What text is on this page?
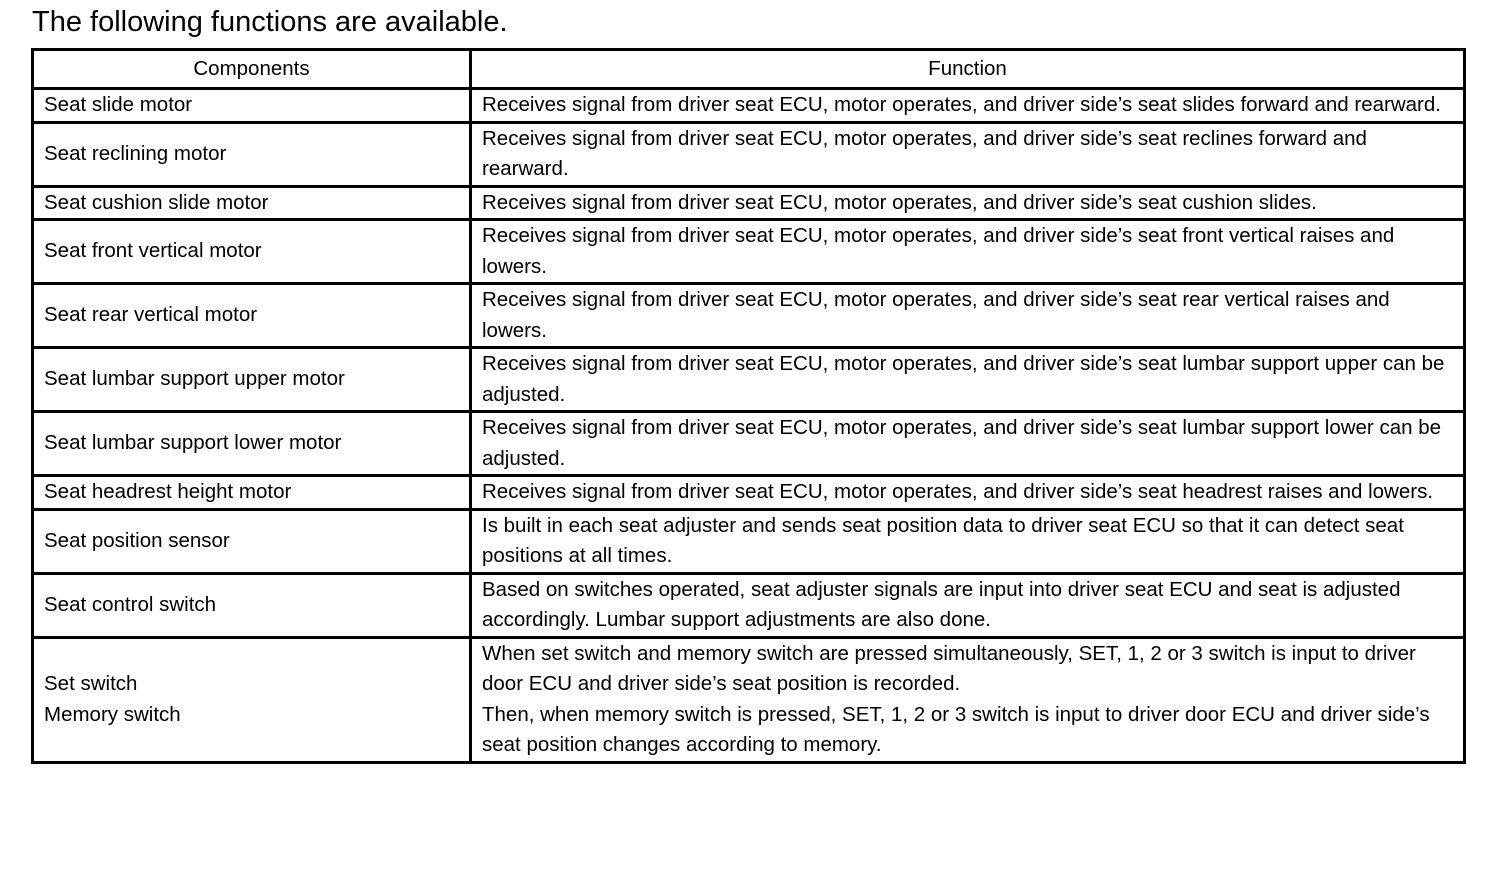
The following functions are available.
Components	Function

Seat slide motor	Receives signal from driver seat ECU, motor operates, and driver side’s seat slides forward and rearward.

Seat reclining motor	Receives signal from driver seat ECU, motor operates, and driver side’s seat reclines forward and rearward.

Seat cushion slide motor	Receives signal from driver seat ECU, motor operates, and driver side’s seat cushion slides.

Seat front vertical motor	Receives signal from driver seat ECU, motor operates, and driver side’s seat front vertical raises and lowers.

Seat rear vertical motor	Receives signal from driver seat ECU, motor operates, and driver side’s seat rear vertical raises and lowers.

Seat lumbar support upper motor	Receives signal from driver seat ECU, motor operates, and driver side’s seat lumbar support upper can be adjusted.

Seat lumbar support lower motor	Receives signal from driver seat ECU, motor operates, and driver side’s seat lumbar support lower can be adjusted.

Seat headrest height motor	Receives signal from driver seat ECU, motor operates, and driver side’s seat headrest raises and lowers.

Seat position sensor	Is built in each seat adjuster and sends seat position data to driver seat ECU so that it can detect seat positions at all times.

Seat control switch	Based on switches operated, seat adjuster signals are input into driver seat ECU and seat is adjusted accordingly. Lumbar support adjustments are also done.

Set switch
Memory switch	When set switch and memory switch are pressed simultaneously, SET, 1, 2 or 3 switch is input to driver door ECU and driver side’s seat position is recorded.
Then, when memory switch is pressed, SET, 1, 2 or 3 switch is input to driver door ECU and driver side’s seat position changes according to memory.
